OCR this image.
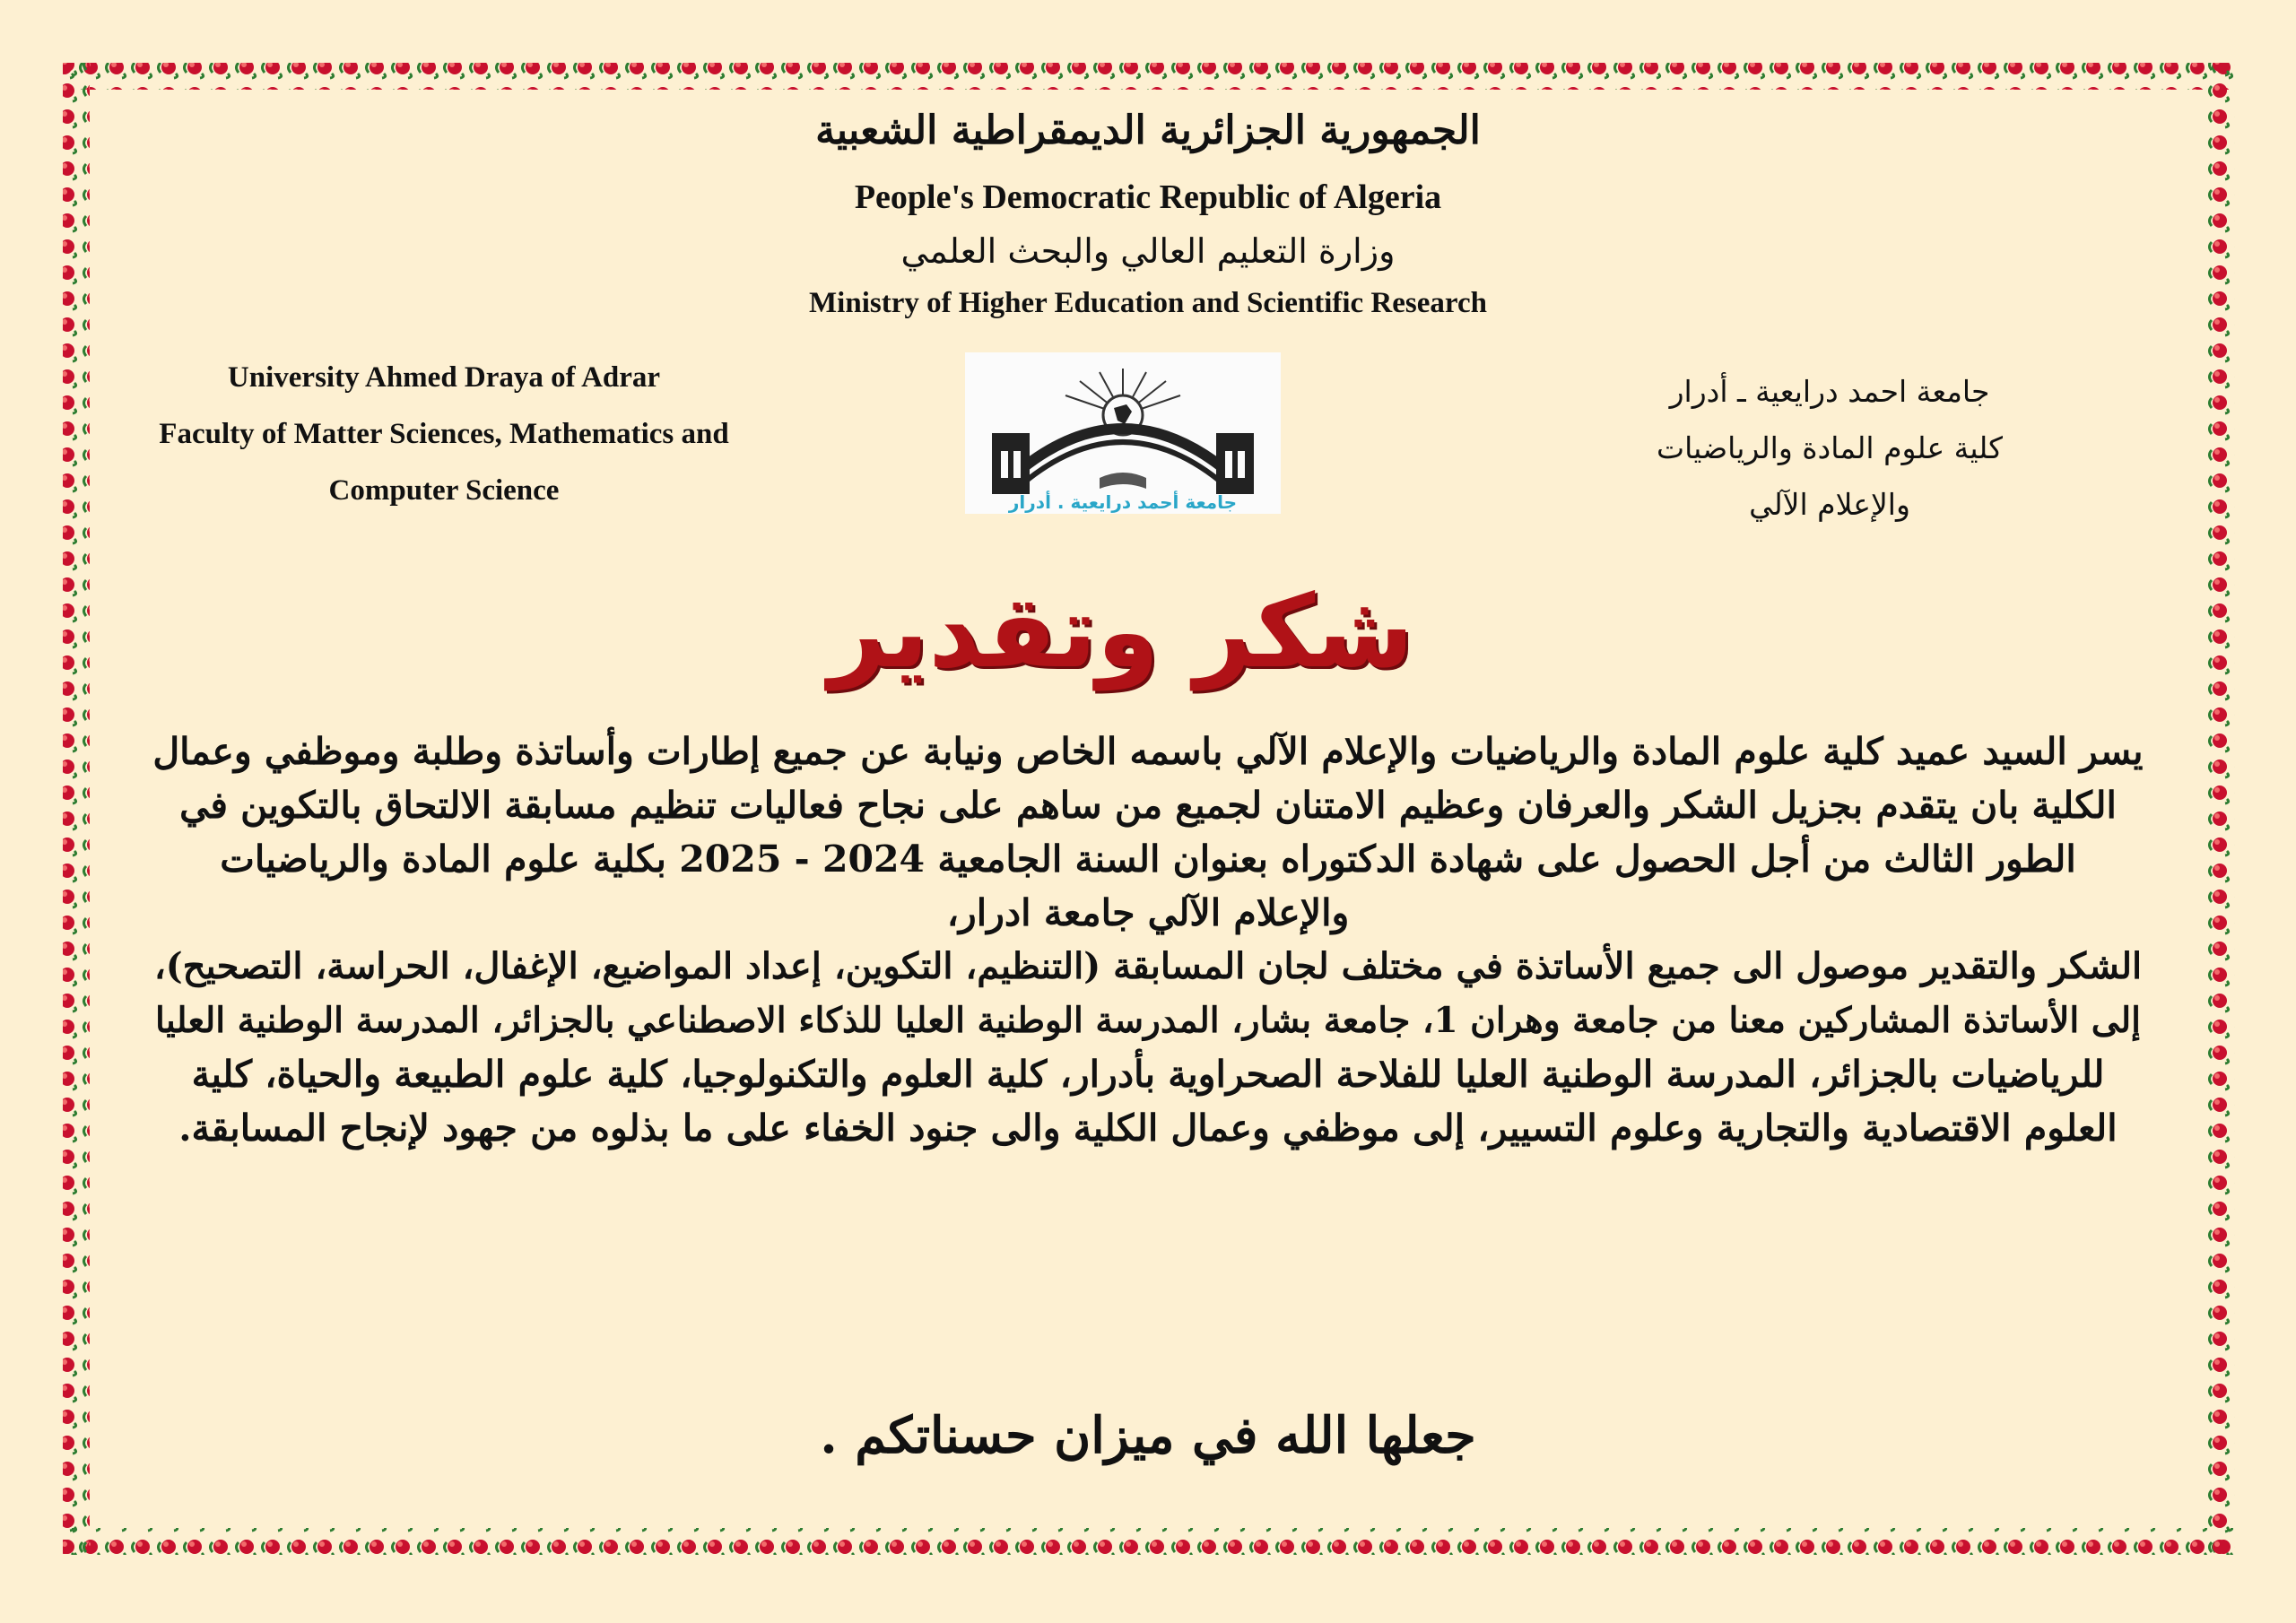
الجمهورية الجزائرية الديمقراطية الشعبية
People's Democratic Republic of Algeria
وزارة التعليم العالي والبحث العلمي
Ministry of Higher Education and Scientific Research
University Ahmed Draya of Adrar
Faculty of Matter Sciences, Mathematics and
Computer Science
جامعة احمد درايعية ـ أدرار
كلية علوم المادة والرياضيات
والإعلام الآلي
جامعة أحمد درايعية . أدرار
شكر وتقدير
يسر السيد عميد كلية علوم المادة والرياضيات والإعلام الآلي باسمه الخاص ونيابة عن جميع إطارات وأساتذة وطلبة وموظفي وعمال
الكلية بان يتقدم بجزيل الشكر والعرفان وعظيم الامتنان لجميع من ساهم على نجاح فعاليات تنظيم مسابقة الالتحاق بالتكوين في
الطور الثالث من أجل الحصول على شهادة الدكتوراه بعنوان السنة الجامعية 2024 - 2025 بكلية علوم المادة والرياضيات
والإعلام الآلي جامعة ادرار،
الشكر والتقدير موصول الى جميع الأساتذة في مختلف لجان المسابقة (التنظيم، التكوين، إعداد المواضيع، الإغفال، الحراسة، التصحيح)،
إلى الأساتذة المشاركين معنا من جامعة وهران 1، جامعة بشار، المدرسة الوطنية العليا للذكاء الاصطناعي بالجزائر، المدرسة الوطنية العليا
للرياضيات بالجزائر، المدرسة الوطنية العليا للفلاحة الصحراوية بأدرار، كلية العلوم والتكنولوجيا، كلية علوم الطبيعة والحياة، كلية
العلوم الاقتصادية والتجارية وعلوم التسيير، إلى موظفي وعمال الكلية والى جنود الخفاء على ما بذلوه من جهود لإنجاح المسابقة.
جعلها الله في ميزان حسناتكم .
